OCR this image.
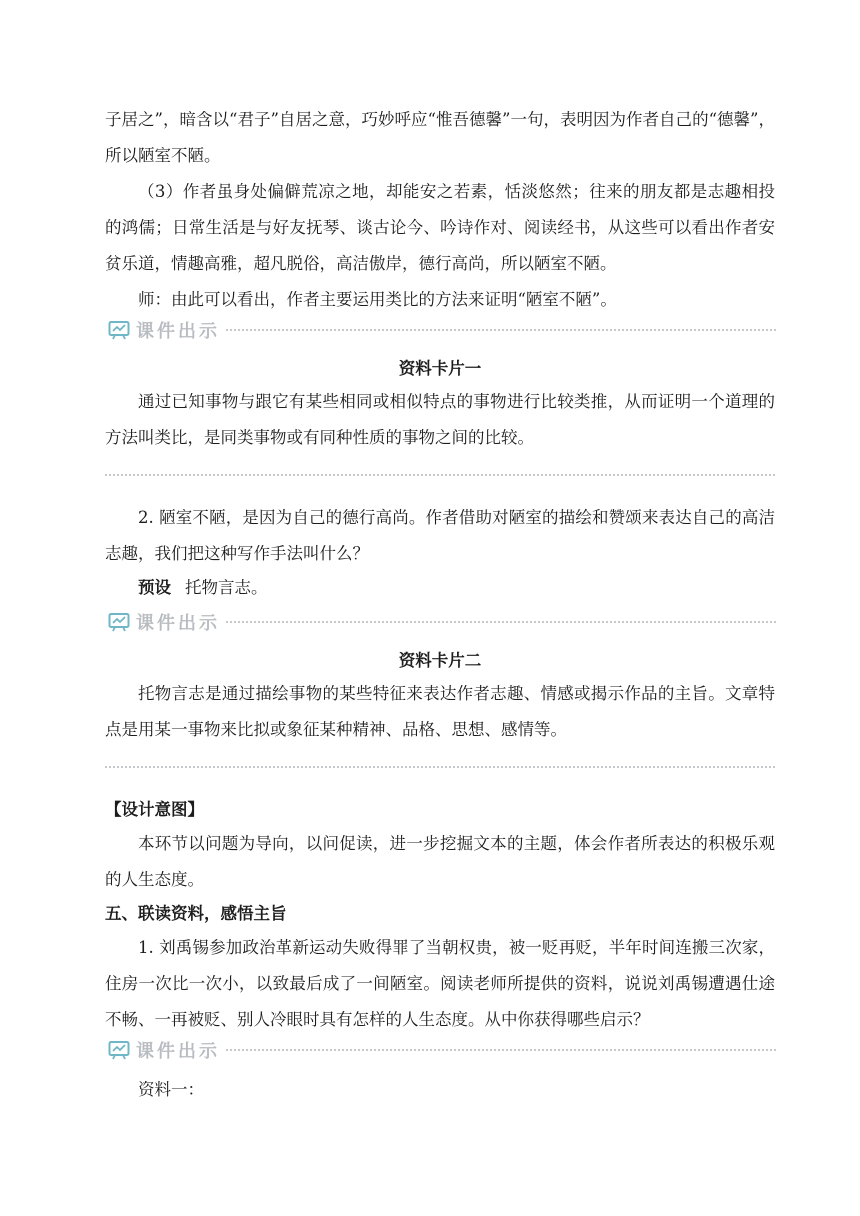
子居之”，暗含以“君子”自居之意，巧妙呼应“惟吾德馨”一句，表明因为作者自己的“德馨”，所以陋室不陋。

（3）作者虽身处偏僻荒凉之地，却能安之若素，恬淡悠然；往来的朋友都是志趣相投的鸿儒；日常生活是与好友抚琴、谈古论今、吟诗作对、阅读经书，从这些可以看出作者安贫乐道，情趣高雅，超凡脱俗，高洁傲岸，德行高尚，所以陋室不陋。

师：由此可以看出，作者主要运用类比的方法来证明“陋室不陋”。

课件出示
资料卡片一

通过已知事物与跟它有某些相同或相似特点的事物进行比较类推，从而证明一个道理的方法叫类比，是同类事物或有同种性质的事物之间的比较。

2. 陋室不陋，是因为自己的德行高尚。作者借助对陋室的描绘和赞颂来表达自己的高洁志趣，我们把这种写作手法叫什么？

预设 托物言志。

课件出示
资料卡片二

托物言志是通过描绘事物的某些特征来表达作者志趣、情感或揭示作品的主旨。文章特点是用某一事物来比拟或象征某种精神、品格、思想、感情等。

【设计意图】

本环节以问题为导向，以问促读，进一步挖掘文本的主题，体会作者所表达的积极乐观的人生态度。

五、联读资料，感悟主旨

1. 刘禹锡参加政治革新运动失败得罪了当朝权贵，被一贬再贬，半年时间连搬三次家，住房一次比一次小，以致最后成了一间陋室。阅读老师所提供的资料，说说刘禹锡遭遇仕途不畅、一再被贬、别人冷眼时具有怎样的人生态度。从中你获得哪些启示？

课件出示

资料一：
